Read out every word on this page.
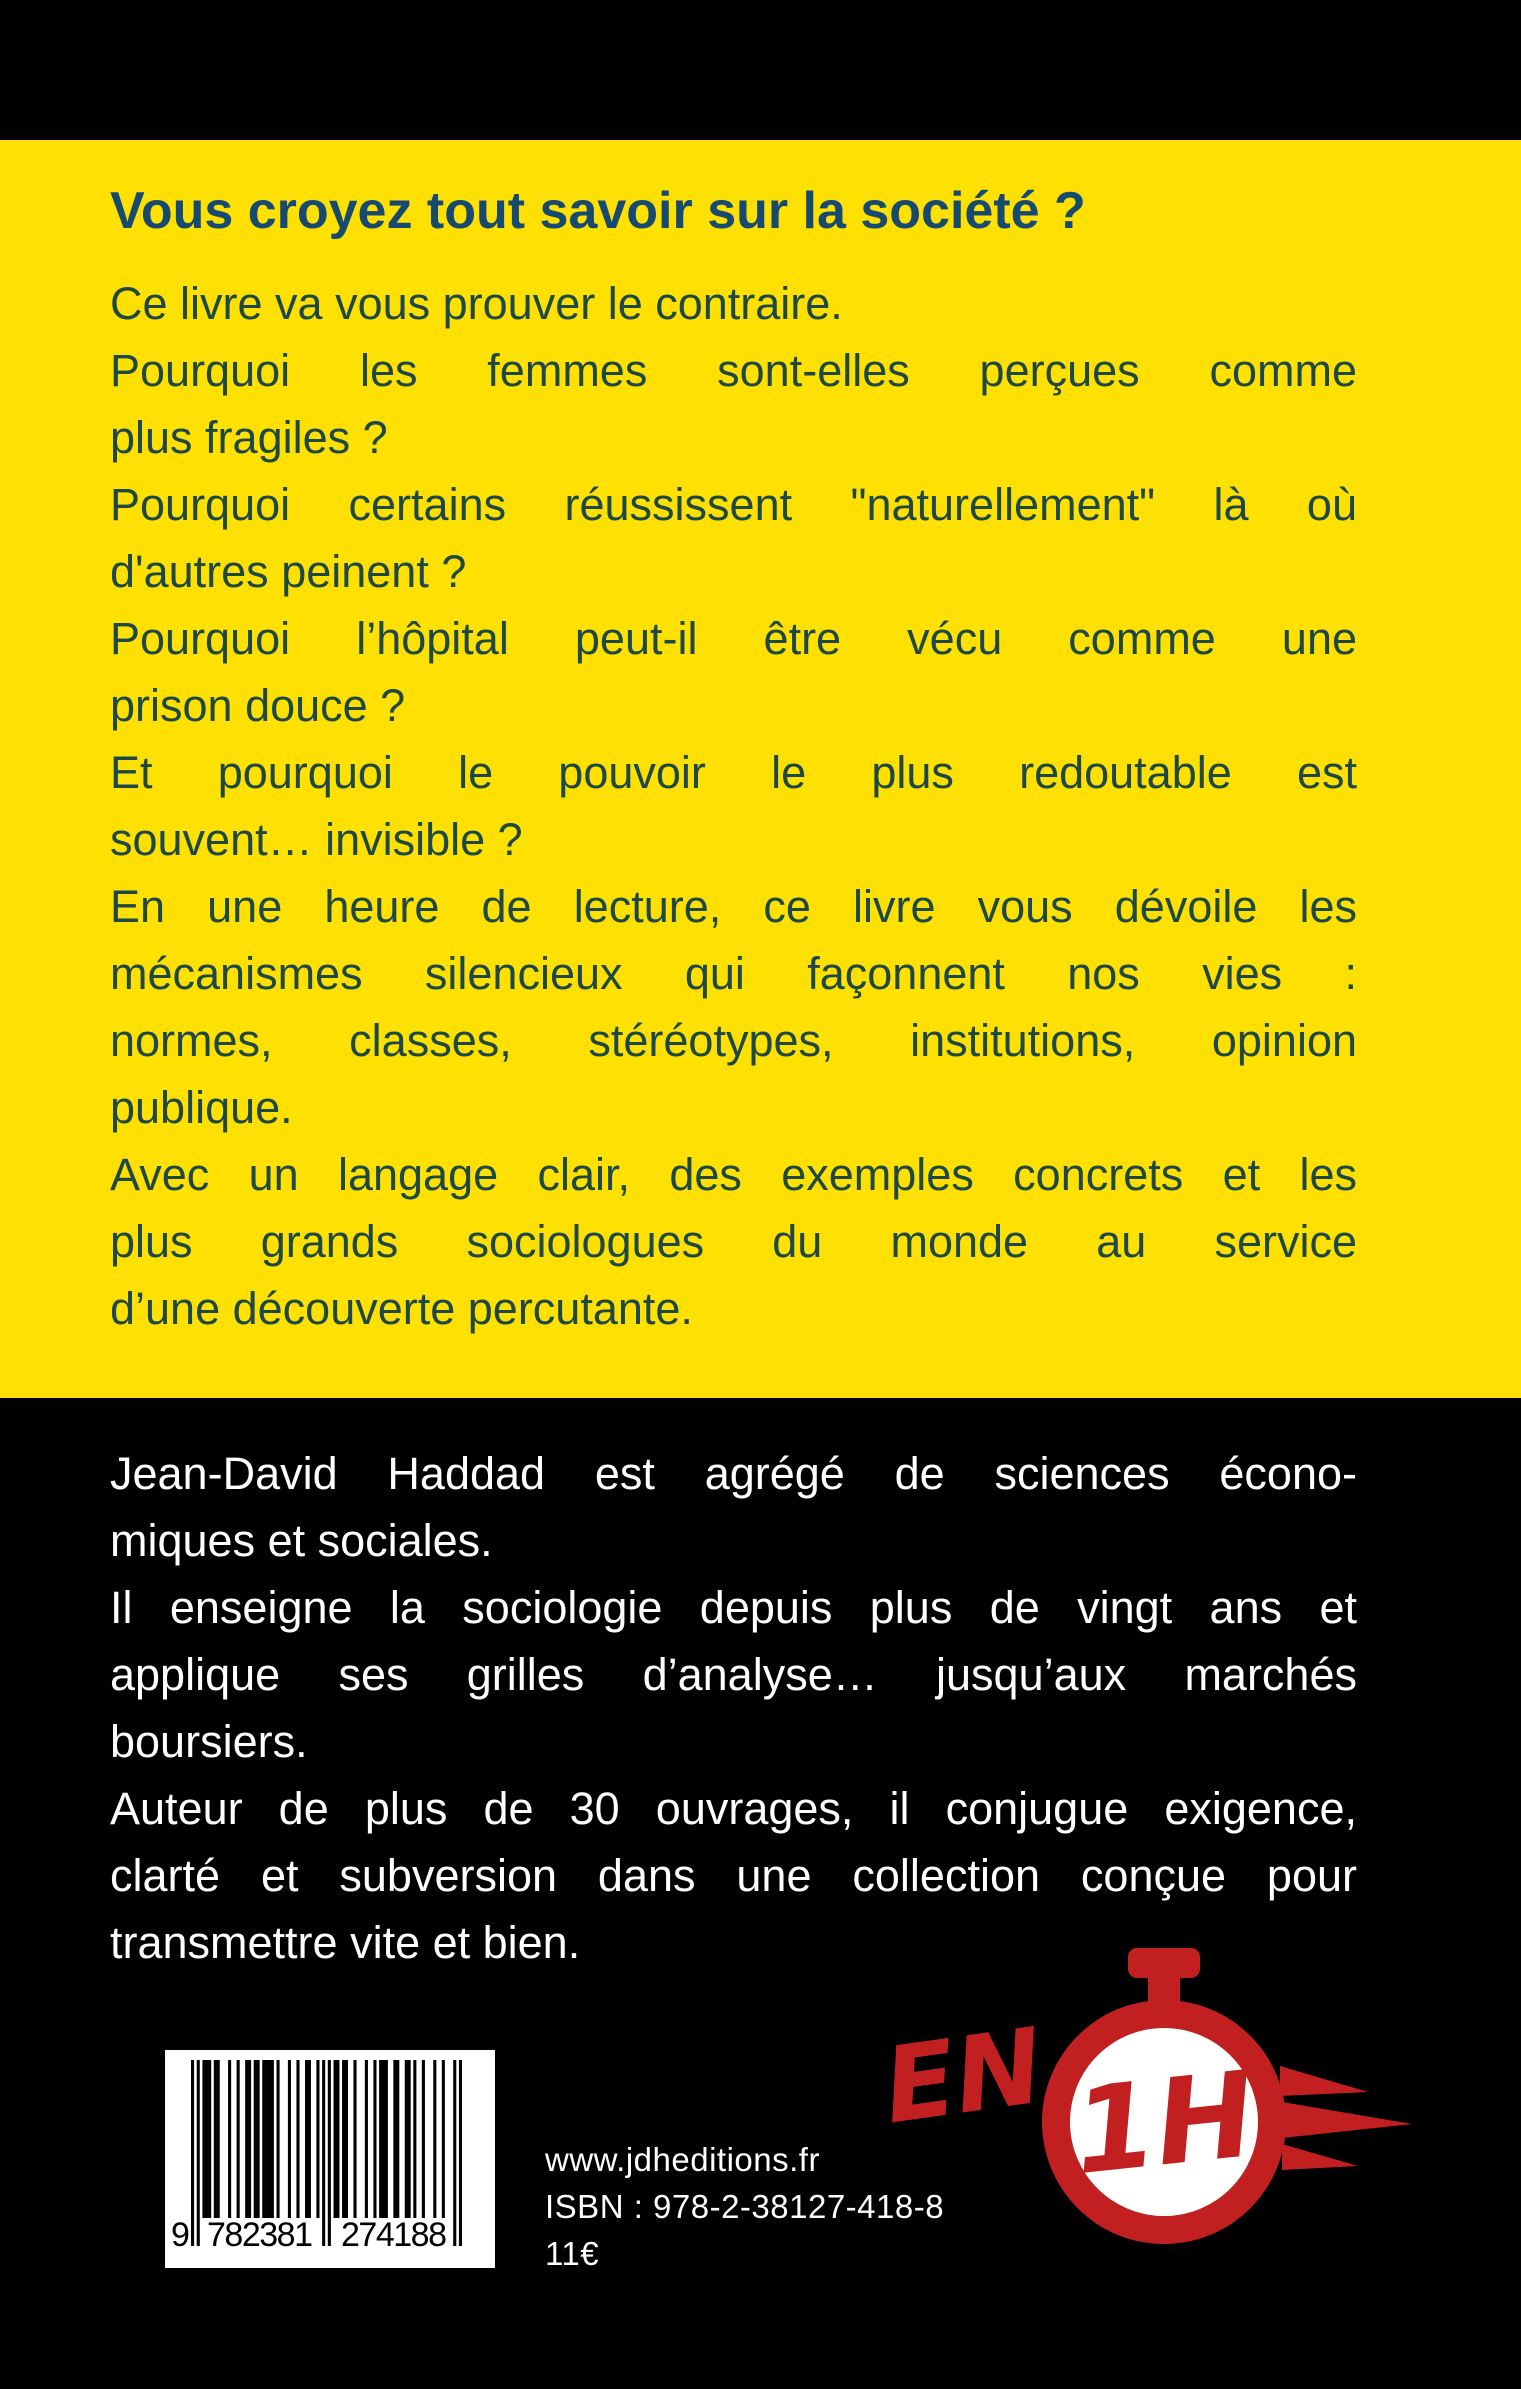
Vous croyez tout savoir sur la société ?
Ce livre va vous prouver le contraire.
Pourquoi les femmes sont-elles perçues comme
plus fragiles ?
Pourquoi certains réussissent "naturellement" là où
d'autres peinent ?
Pourquoi l’hôpital peut-il être vécu comme une
prison douce ?
Et pourquoi le pouvoir le plus redoutable est
souvent… invisible ?
En une heure de lecture, ce livre vous dévoile les
mécanismes silencieux qui façonnent nos vies :
normes, classes, stéréotypes, institutions, opinion
publique.
Avec un langage clair, des exemples concrets et les
plus grands sociologues du monde au service
d’une découverte percutante.
Jean-David Haddad est agrégé de sciences écono-
miques et sociales.
Il enseigne la sociologie depuis plus de vingt ans et
applique ses grilles d’analyse… jusqu’aux marchés
boursiers.
Auteur de plus de 30 ouvrages, il conjugue exigence,
clarté et subversion dans une collection conçue pour
transmettre vite et bien.
9 782381 274188
www.jdheditions.fr
ISBN : 978-2-38127-418-8
11€
EN 1H
